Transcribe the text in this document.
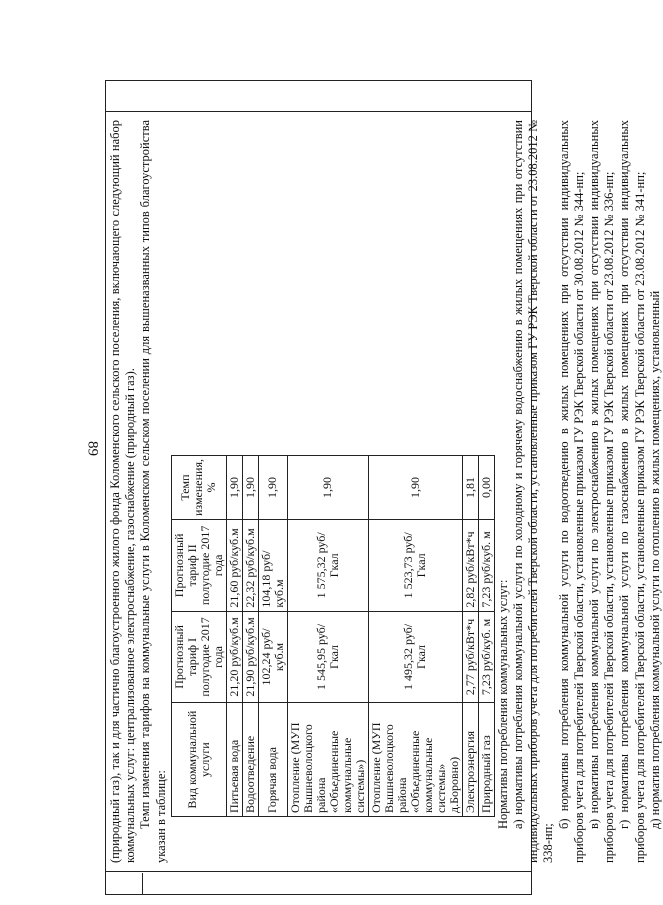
89 (природный газ), так и для частично благоустроенного жилого фонда Коломенского сельского поселения, включающего следующий набор коммунальных услуг: централизованное электроснабжение, газоснабжение (природный газ). Темп изменения тарифов на коммунальные услуги в Коломенском сельском поселении для вышеназванных типов благоустройства указан в таблице:

Вид коммунальной услуги	Прогнозный тариф I полугодие 2017 года	Прогнозный тариф II полугодие 2017 года	Темп изменения, %
Питьевая вода	21,20 руб/куб.м	21,60 руб/куб.м	1,90
Водоотведение	21,90 руб/куб.м	22,32 руб/куб.м	1,90
Горячая вода	102,24 руб/куб.м	104,18 руб/куб.м	1,90
Отопление (МУП Вышневолоцкого района «Объединенные коммунальные системы»)	1 545,95 руб/Гкал	1 575,32 руб/Гкал	1,90
Отопление (МУП Вышневолоцкого района «Объединенные коммунальные системы» д.Боровно)	1 495,32 руб/Гкал	1 523,73 руб/Гкал	1,90
Электроэнергия	2,77 руб/кВт*ч	2,82 руб/кВт*ч	1,81
Природный газ	7,23 руб/куб. м	7,23 руб/куб. м	0,00

Нормативы потребления коммунальных услуг: а) нормативы потребления коммунальной услуги по холодному и горячему водоснабжению в жилых помещениях при отсутствии индивидуальных приборов учета для потребителей Тверской области, установленные приказом ГУ РЭК Тверской области от 23.08.2012 № 338-нп;

б) нормативы потребления коммунальной услуги по водоотведению в жилых помещениях при отсутствии индивидуальных приборов учета для потребителей Тверской области, установленные приказом ГУ РЭК Тверской области от 30.08.2012 № 344-нп; в) нормативы потребления коммунальной услуги по электроснабжению в жилых помещениях при отсутствии индивидуальных приборов учета для потребителей Тверской области, установленные приказом ГУ РЭК Тверской области от 23.08.2012 № 336-нп; г) нормативы потребления коммунальной услуги по газоснабжению в жилых помещениях при отсутствии индивидуальных приборов учета для потребителей Тверской области, установленные приказом ГУ РЭК Тверской области от 23.08.2012 № 341-нп; д) норматив потребления коммунальной услуги по отоплению в жилых помещениях, установленный
